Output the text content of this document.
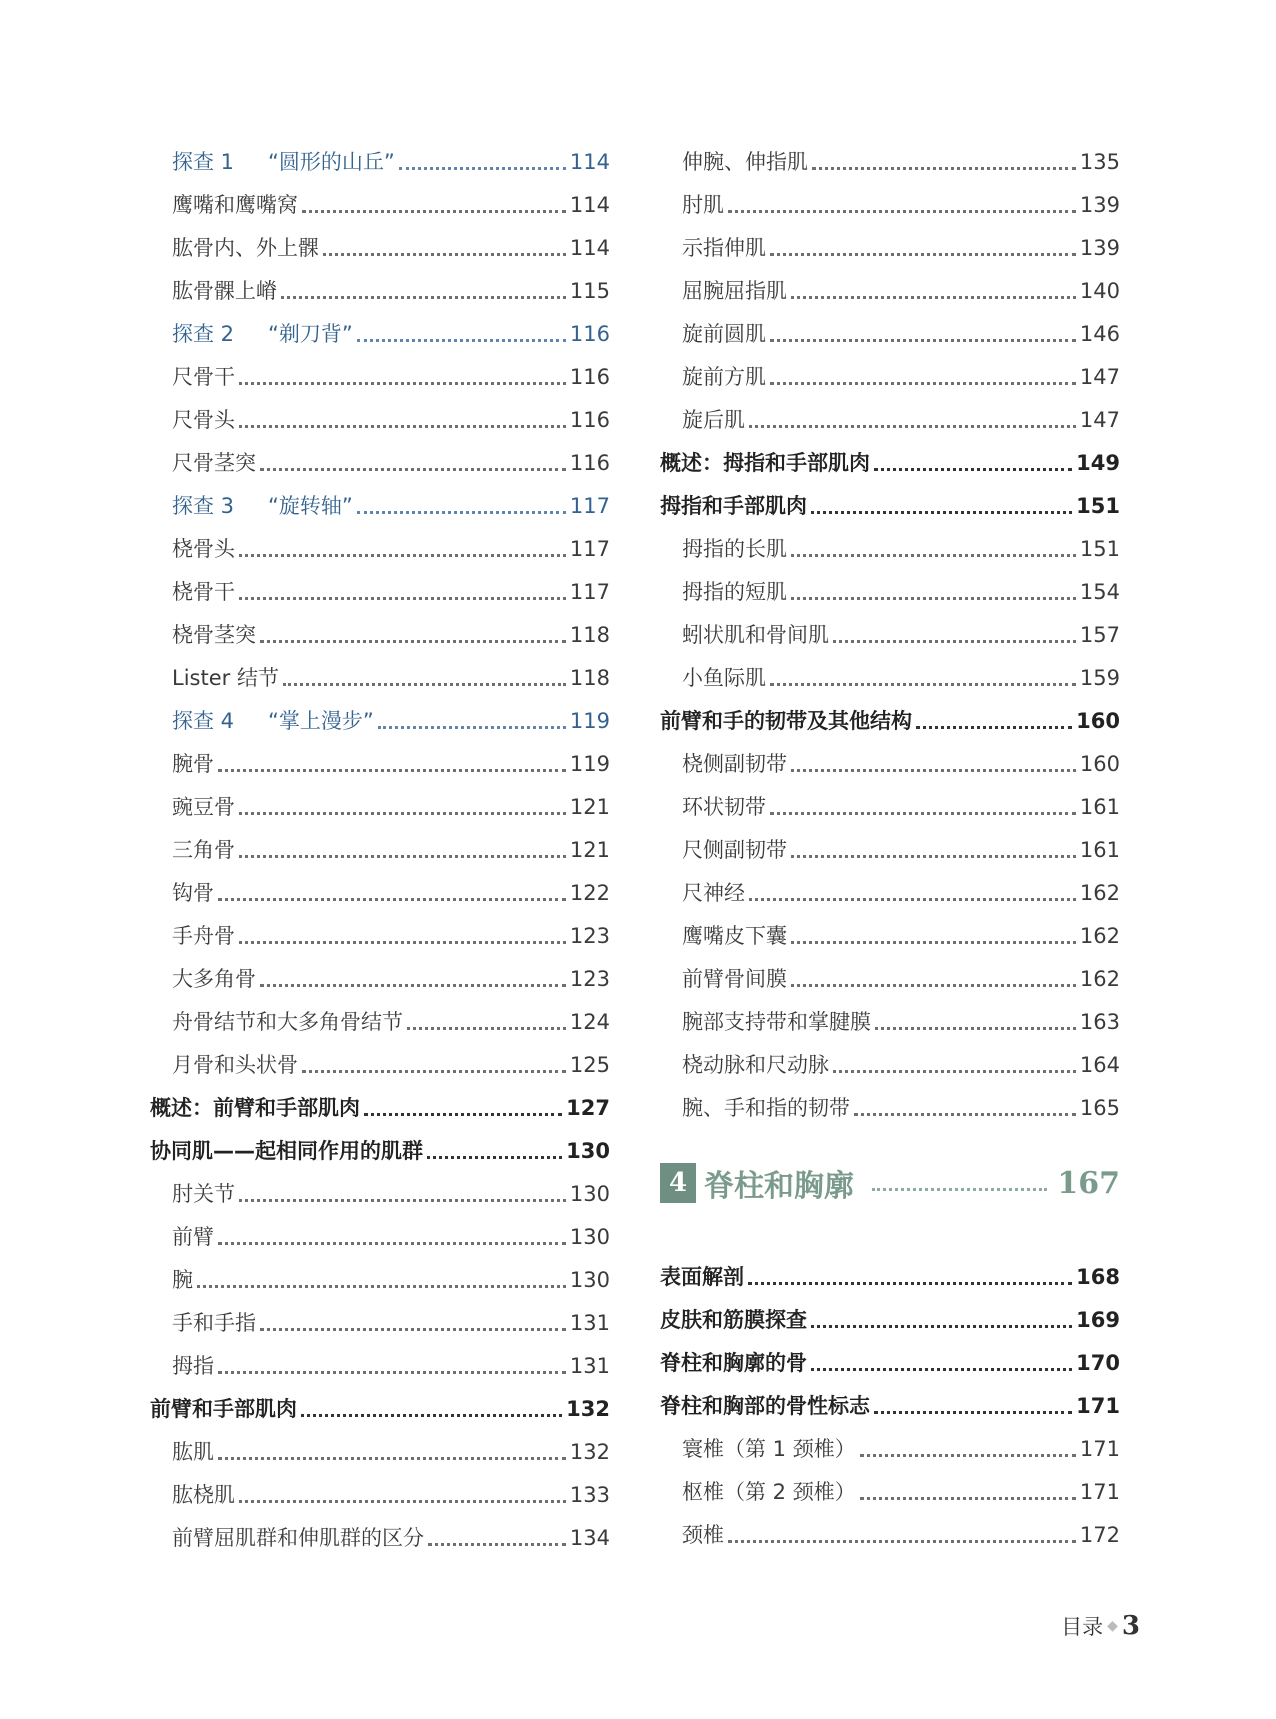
探查 1 “圆形的山丘”	114
鹰嘴和鹰嘴窝	114
肱骨内、外上髁	114
肱骨髁上嵴	115
探查 2 “剃刀背”	116
尺骨干	116
尺骨头	116
尺骨茎突	116
探查 3 “旋转轴”	117
桡骨头	117
桡骨干	117
桡骨茎突	118
Lister 结节	118
探查 4 “掌上漫步”	119
腕骨	119
豌豆骨	121
三角骨	121
钩骨	122
手舟骨	123
大多角骨	123
舟骨结节和大多角骨结节	124
月骨和头状骨	125
概述：前臂和手部肌肉	127
协同肌——起相同作用的肌群	130
肘关节	130
前臂	130
腕	130
手和手指	131
拇指	131
前臂和手部肌肉	132
肱肌	132
肱桡肌	133
前臂屈肌群和伸肌群的区分	134
伸腕、伸指肌	135
肘肌	139
示指伸肌	139
屈腕屈指肌	140
旋前圆肌	146
旋前方肌	147
旋后肌	147
概述：拇指和手部肌肉	149
拇指和手部肌肉	151
拇指的长肌	151
拇指的短肌	154
蚓状肌和骨间肌	157
小鱼际肌	159
前臂和手的韧带及其他结构	160
桡侧副韧带	160
环状韧带	161
尺侧副韧带	161
尺神经	162
鹰嘴皮下囊	162
前臂骨间膜	162
腕部支持带和掌腱膜	163
桡动脉和尺动脉	164
腕、手和指的韧带	165
4 脊柱和胸廓	167
表面解剖	168
皮肤和筋膜探查	169
脊柱和胸廓的骨	170
脊柱和胸部的骨性标志	171
寰椎（第 1 颈椎）	171
枢椎（第 2 颈椎）	171
颈椎	172
目录 ◆ 3
